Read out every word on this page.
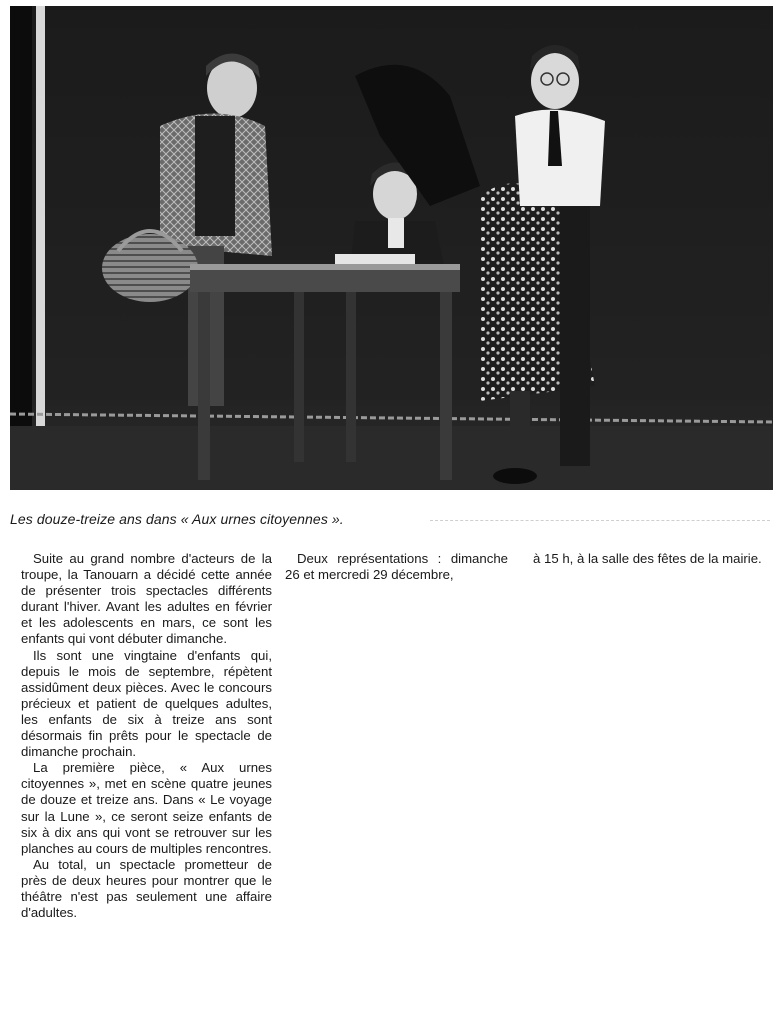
Les douze-treize ans dans « Aux urnes citoyennes ».

Suite au grand nombre d'acteurs de la troupe, la Tanouarn a décidé cette année de présenter trois spectacles différents durant l'hiver. Avant les adultes en février et les adolescents en mars, ce sont les enfants qui vont débuter dimanche.

Ils sont une vingtaine d'enfants qui, depuis le mois de septembre, répètent assidûment deux pièces. Avec le concours précieux et patient de quelques adultes, les enfants de six à treize ans sont désormais fin prêts pour le spectacle de dimanche prochain.

La première pièce, « Aux urnes citoyennes », met en scène quatre jeunes de douze et treize ans. Dans « Le voyage sur la Lune », ce seront seize enfants de six à dix ans qui vont se retrouver sur les planches au cours de multiples rencontres.

Au total, un spectacle prometteur de près de deux heures pour montrer que le théâtre n'est pas seulement une affaire d'adultes.

Deux représentations : dimanche 26 et mercredi 29 décembre,

à 15 h, à la salle des fêtes de la mairie.
